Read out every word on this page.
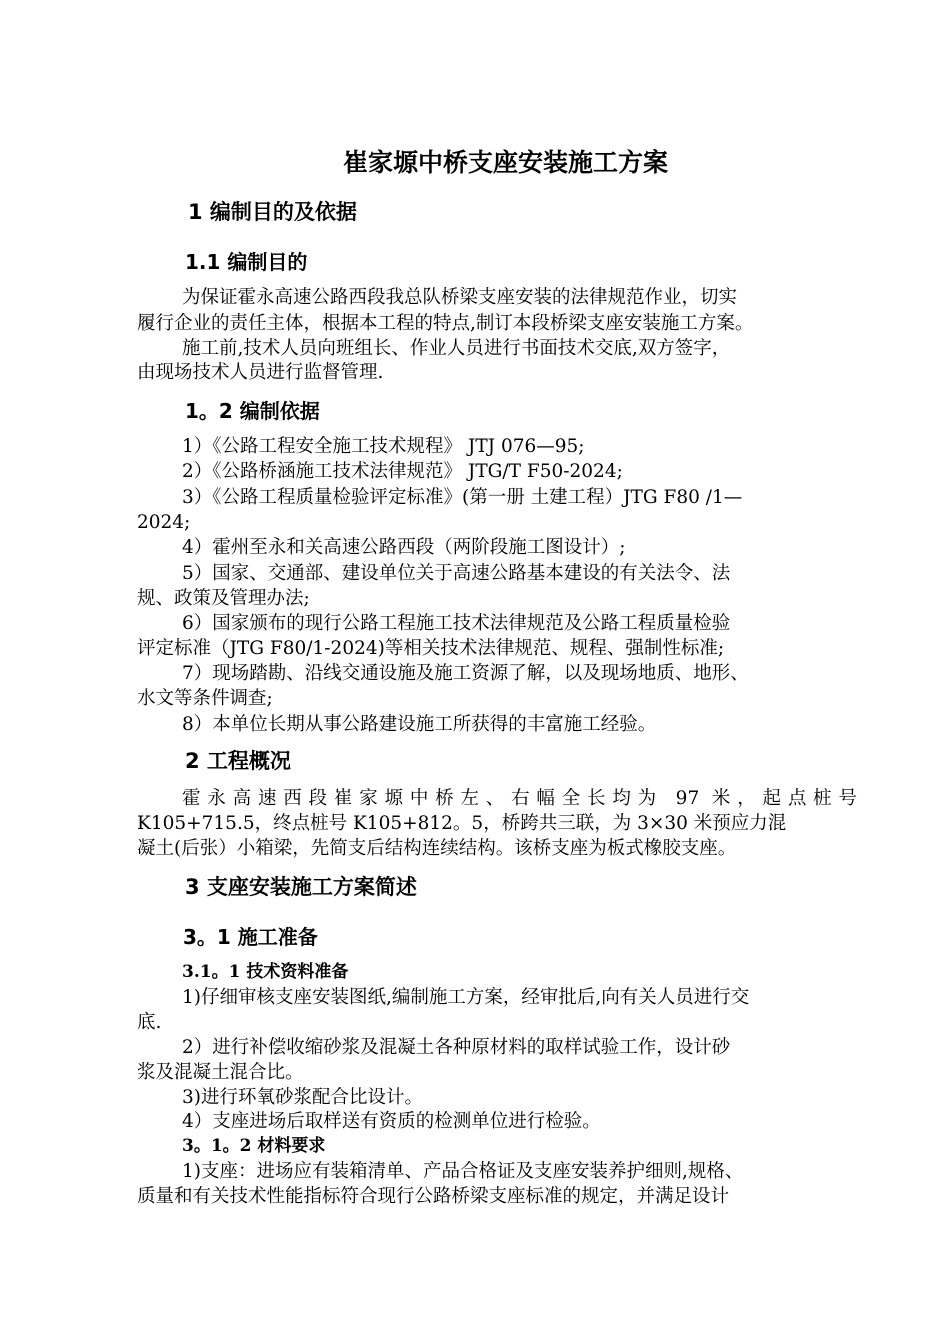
崔家塬中桥支座安装施工方案
1 编制目的及依据
1.1 编制目的
为保证霍永高速公路西段我总队桥梁支座安装的法律规范作业，切实
履行企业的责任主体，根据本工程的特点,制订本段桥梁支座安装施工方案。
施工前,技术人员向班组长、作业人员进行书面技术交底,双方签字，
由现场技术人员进行监督管理.
1。2 编制依据
1）《公路工程安全施工技术规程》 JTJ 076—95;
2）《公路桥涵施工技术法律规范》 JTG/T F50-2024;
3）《公路工程质量检验评定标准》(第一册 土建工程）JTG F80 /1—
2024;
4）霍州至永和关高速公路西段（两阶段施工图设计）;
5）国家、交通部、建设单位关于高速公路基本建设的有关法令、法
规、政策及管理办法;
6）国家颁布的现行公路工程施工技术法律规范及公路工程质量检验
评定标准（JTG F80/1-2024)等相关技术法律规范、规程、强制性标准;
7）现场踏勘、沿线交通设施及施工资源了解，以及现场地质、地形、
水文等条件调查;
8）本单位长期从事公路建设施工所获得的丰富施工经验。
2 工程概况
霍永高速西段崔家塬中桥左、右幅全长均为 97 米，起点桩号
K105+715.5，终点桩号 K105+812。5，桥跨共三联，为 3×30 米预应力混
凝土(后张）小箱梁，先简支后结构连续结构。该桥支座为板式橡胶支座。
3 支座安装施工方案简述
3。1 施工准备
3.1。1 技术资料准备
1)仔细审核支座安装图纸,编制施工方案，经审批后,向有关人员进行交
底.
2）进行补偿收缩砂浆及混凝土各种原材料的取样试验工作，设计砂
浆及混凝土混合比。
3)进行环氧砂浆配合比设计。
4）支座进场后取样送有资质的检测单位进行检验。
3。1。2 材料要求
1)支座：进场应有装箱清单、产品合格证及支座安装养护细则,规格、
质量和有关技术性能指标符合现行公路桥梁支座标准的规定，并满足设计
